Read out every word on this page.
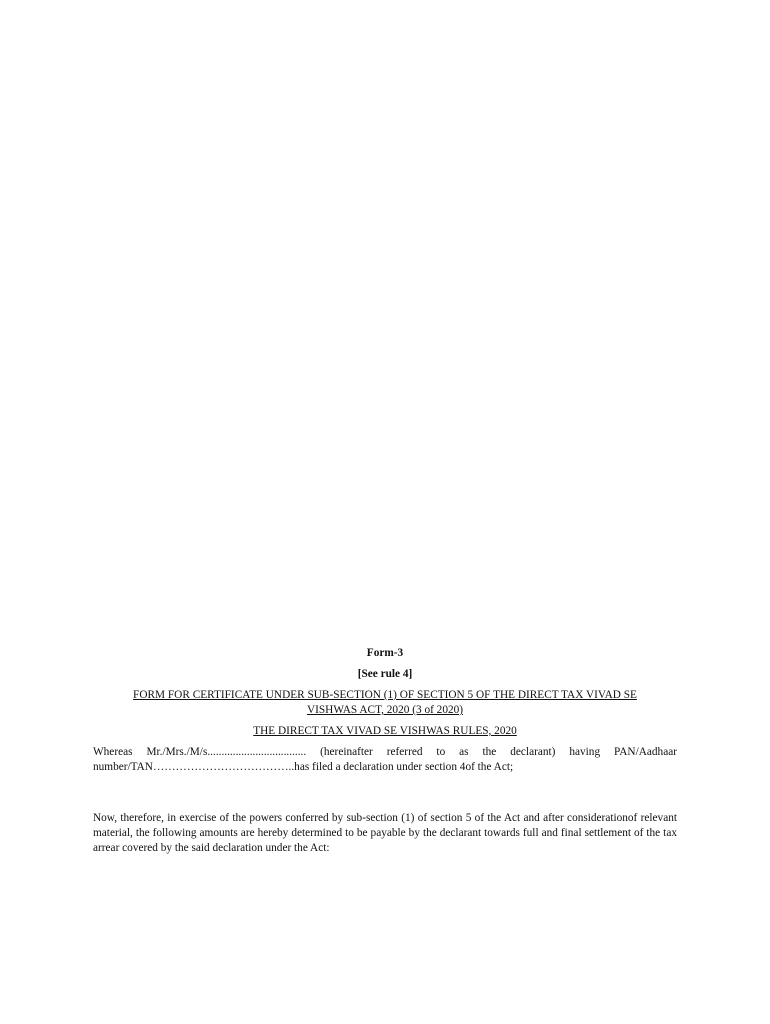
Form-3
[See rule 4]
FORM FOR CERTIFICATE UNDER SUB-SECTION (1) OF SECTION 5 OF THE DIRECT TAX VIVAD SE
VISHWAS ACT, 2020 (3 of 2020)
THE DIRECT TAX VIVAD SE VISHWAS RULES, 2020

Whereas Mr./Mrs./M/s................................... (hereinafter referred to as the declarant) having PAN/Aadhaar number/TAN………………………………..has filed a declaration under section 4of the Act;

Now, therefore, in exercise of the powers conferred by sub-section (1) of section 5 of the Act and after considerationof relevant material, the following amounts are hereby determined to be payable by the declarant towards full and final settlement of the tax arrear covered by the said declaration under the Act:
